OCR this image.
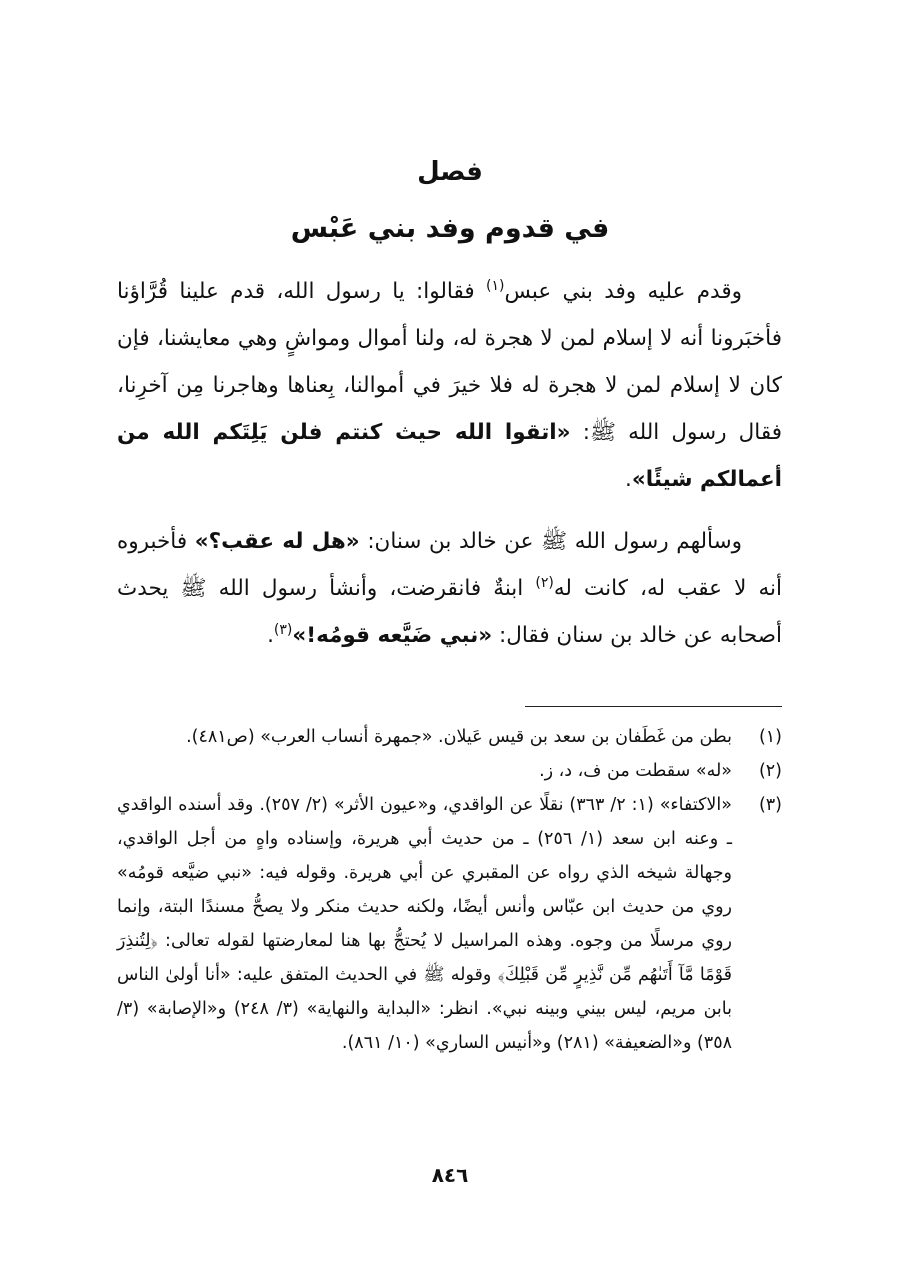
فصل
في قدوم وفد بني عَبْس
وقدم عليه وفد بني عبس$^{(١)}$ فقالوا: يا رسول الله، قدم علينا قُرَّاؤنا فأخبَرونا أنه لا إسلام لمن لا هجرة له، ولنا أموال ومواشٍ وهي معايشنا، فإن كان لا إسلام لمن لا هجرة له فلا خيرَ في أموالنا، بِعناها وهاجرنا مِن آخرِنا، فقال رسول الله ﷺ: «اتقوا الله حيث كنتم فلن يَلِتَكم الله من أعمالكم شيئًا».
وسألهم رسول الله ﷺ عن خالد بن سنان: «هل له عقب؟» فأخبروه أنه لا عقب له، كانت له$^{(٢)}$ ابنةٌ فانقرضت، وأنشأ رسول الله ﷺ يحدث أصحابه عن خالد بن سنان فقال: «نبي ضَيَّعه قومُه!»$^{(٣)}$.
(١)
بطن من غَطَفان بن سعد بن قيس عَيلان. «جمهرة أنساب العرب» (ص٤٨١).
(٢)
«له» سقطت من ف، د، ز.
(٣)
«الاكتفاء» (١: ٢/ ٣٦٣) نقلًا عن الواقدي، و«عيون الأثر» (٢/ ٢٥٧). وقد أسنده الواقدي ـ وعنه ابن سعد (١/ ٢٥٦) ـ من حديث أبي هريرة، وإسناده واهٍ من أجل الواقدي، وجهالة شيخه الذي رواه عن المقبري عن أبي هريرة. وقوله فيه: «نبي ضيَّعه قومُه» روي من حديث ابن عبّاس وأنس أيضًا، ولكنه حديث منكر ولا يصحُّ مسندًا البتة، وإنما روي مرسلًا من وجوه. وهذه المراسيل لا يُحتجُّ بها هنا لمعارضتها لقوله تعالى: ﴿لِتُنذِرَ قَوْمًا مَّآ أَتَىٰهُم مِّن نَّذِيرٍ مِّن قَبْلِكَ﴾ وقوله ﷺ في الحديث المتفق عليه: «أنا أولىٰ الناس بابن مريم، ليس بيني وبينه نبي». انظر: «البداية والنهاية» (٣/ ٢٤٨) و«الإصابة» (٣/ ٣٥٨) و«الضعيفة» (٢٨١) و«أنيس الساري» (١٠/ ٨٦١).
٨٤٦
